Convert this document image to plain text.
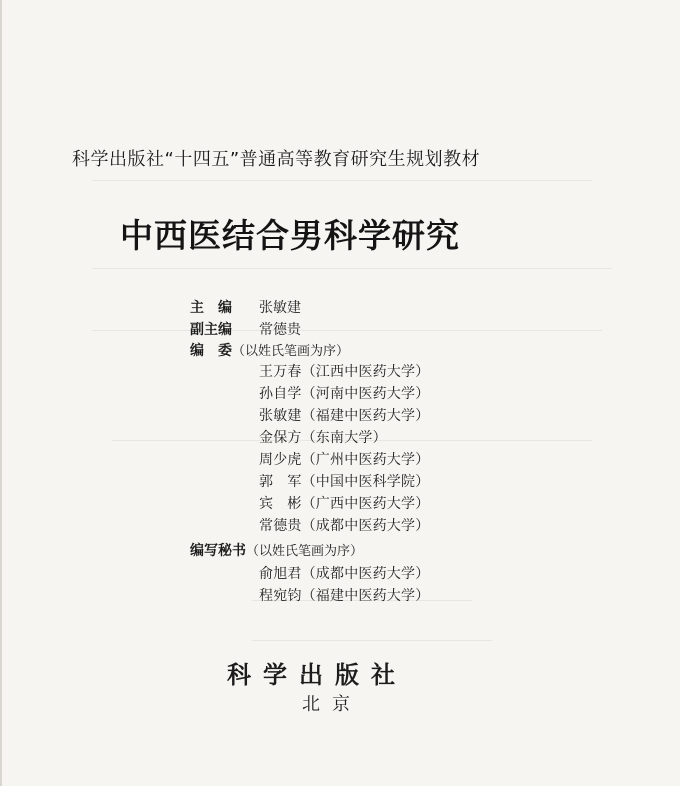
科学出版社“十四五”普通高等教育研究生规划教材
中西医结合男科学研究
主　编 张敏建
副主编 常德贵
编　委（以姓氏笔画为序）
王万春（江西中医药大学）
孙自学（河南中医药大学）
张敏建（福建中医药大学）
金保方（东南大学）
周少虎（广州中医药大学）
郭　军（中国中医科学院）
宾　彬（广西中医药大学）
常德贵（成都中医药大学）
编写秘书（以姓氏笔画为序）
俞旭君（成都中医药大学）
程宛钧（福建中医药大学）
科学出版社
北京
